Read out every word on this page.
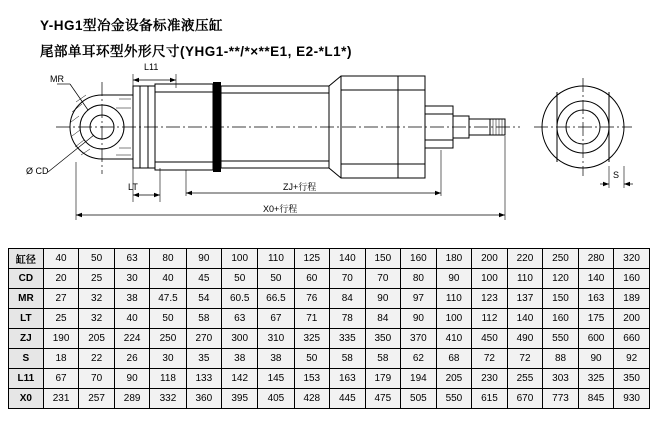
Y-HG1型冶金设备标准液压缸
尾部单耳环型外形尺寸(YHG1-**/*×**E1, E2-*L1*)
MR
Ø CD
L11
LT	ZJ+行程
X0+行程
S
缸径	40	50	63	80	90	100	110	125	140	150	160	180	200	220	250	280	320
CD	20	25	30	40	45	50	50	60	70	70	80	90	100	110	120	140	160
MR	27	32	38	47.5	54	60.5	66.5	76	84	90	97	110	123	137	150	163	189
LT	25	32	40	50	58	63	67	71	78	84	90	100	112	140	160	175	200
ZJ	190	205	224	250	270	300	310	325	335	350	370	410	450	490	550	600	660
S	18	22	26	30	35	38	38	50	58	58	62	68	72	72	88	90	92
L11	67	70	90	118	133	142	145	153	163	179	194	205	230	255	303	325	350
X0	231	257	289	332	360	395	405	428	445	475	505	550	615	670	773	845	930
